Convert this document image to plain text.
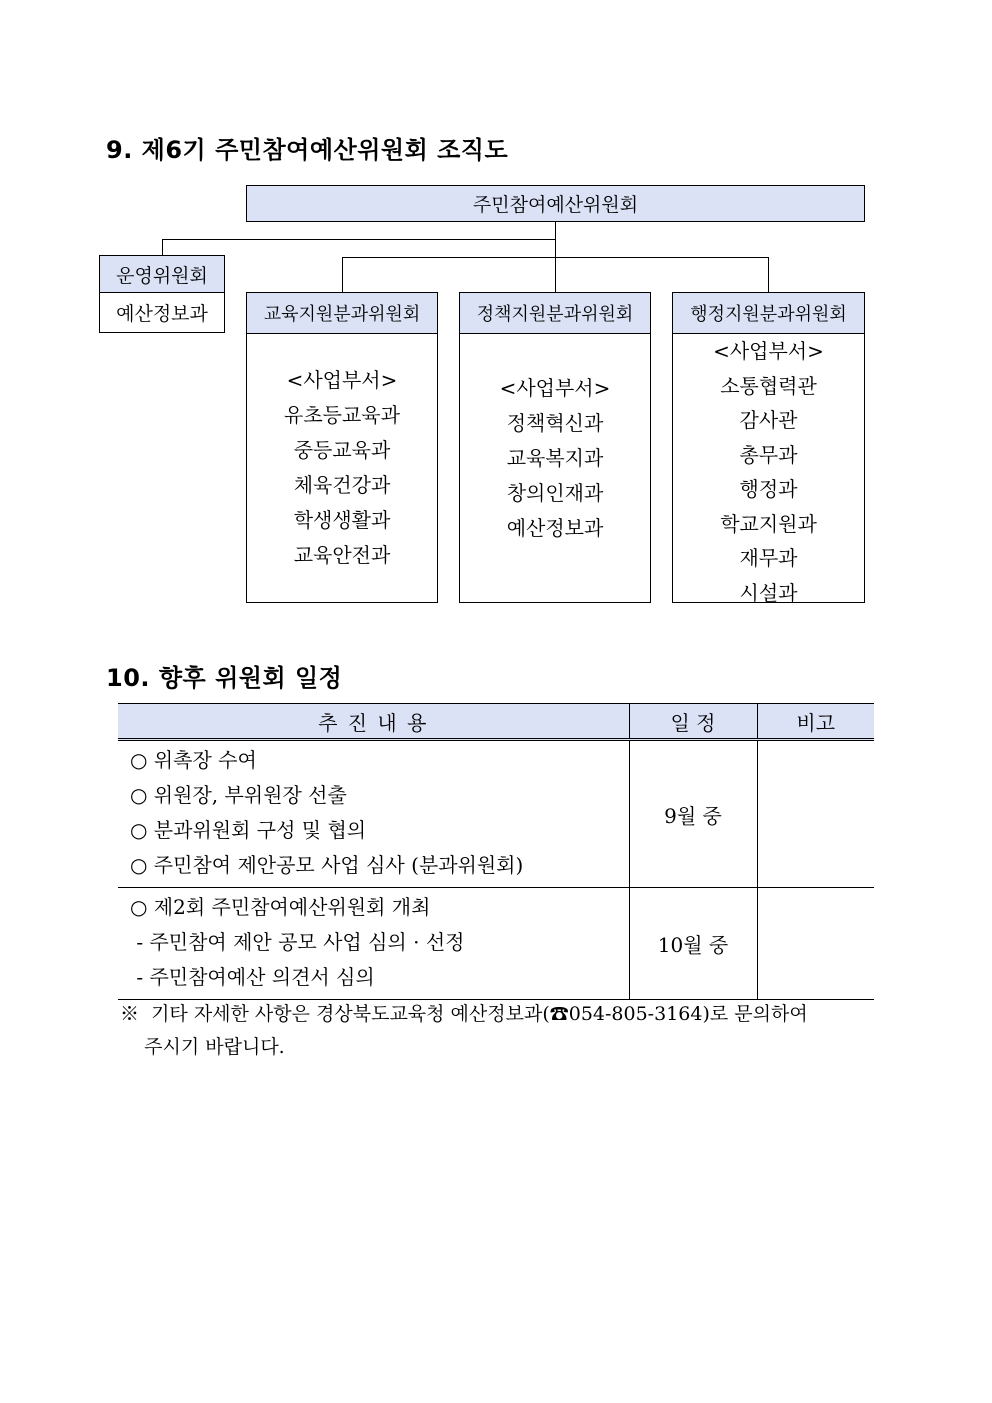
9. 제6기 주민참여예산위원회 조직도
주민참여예산위원회
운영위원회
예산정보과	교육지원분과위원회
<사업부서>
유초등교육과
중등교육과
체육건강과
학생생활과
교육안전과
정책지원분과위원회
<사업부서>
정책혁신과
교육복지과
창의인재과
예산정보과
행정지원분과위원회
<사업부서>
소통협력관
감사관
총무과
행정과
학교지원과
재무과
시설과
10. 향후 위원회 일정
추 진 내 용	일 정	비고

○ 위촉장 수여
○ 위원장, 부위원장 선출
○ 분과위원회 구성 및 협의
○ 주민참여 제안공모 사업 심사 (분과위원회)	9월 중	

○ 제2회 주민참여예산위원회 개최
- 주민참여 제안 공모 사업 심의 · 선정
- 주민참여예산 의견서 심의	10월 중	
※  기타 자세한 사항은 경상북도교육청 예산정보과(☎054-805-3164)로 문의하여
주시기 바랍니다.
